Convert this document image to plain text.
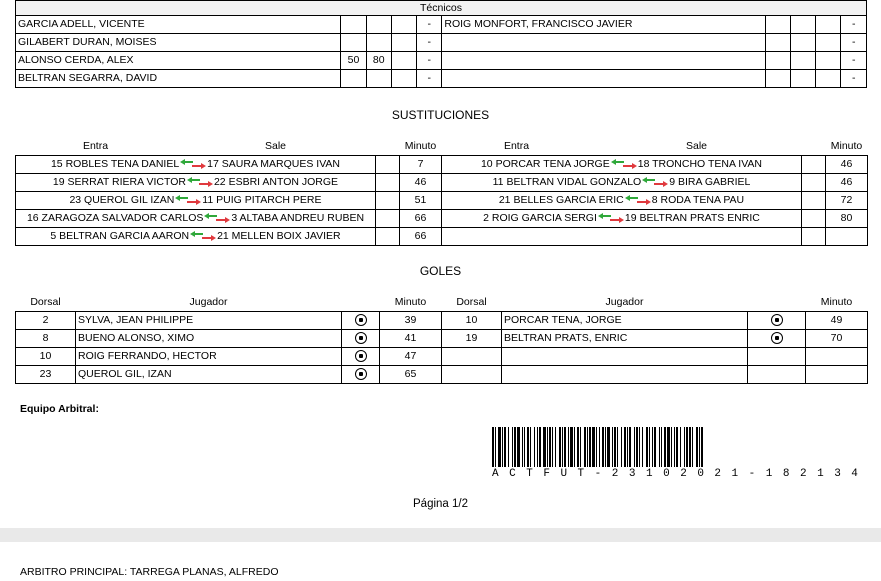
Técnicos									
GARCIA ADELL, VICENTE				-	ROIG MONFORT, FRANCISCO JAVIER				-
GILABERT DURAN, MOISES				-					-
ALONSO CERDA, ALEX	50	80		-					-
BELTRAN SEGARRA, DAVID				-					-
SUSTITUCIONES
Entra Sale		Minuto	Entra Sale		Minuto
15 ROBLES TENA DANIEL 17 SAURA MARQUES IVAN		7	10 PORCAR TENA JORGE 18 TRONCHO TENA IVAN		46
19 SERRAT RIERA VICTOR 22 ESBRI ANTON JORGE		46	11 BELTRAN VIDAL GONZALO 9 BIRA GABRIEL		46
23 QUEROL GIL IZAN 11 PUIG PITARCH PERE		51	21 BELLES GARCIA ERIC 8 RODA TENA PAU		72
16 ZARAGOZA SALVADOR CARLOS 3 ALTABA ANDREU RUBEN		66	2 ROIG GARCIA SERGI 19 BELTRAN PRATS ENRIC		80
5 BELTRAN GARCIA AARON 21 MELLEN BOIX JAVIER		66			
GOLES
Dorsal	Jugador		Minuto	Dorsal	Jugador		Minuto
2	SYLVA, JEAN PHILIPPE		39	10	PORCAR TENA, JORGE		49
8	BUENO ALONSO, XIMO		41	19	BELTRAN PRATS, ENRIC		70
10	ROIG FERRANDO, HECTOR		47				
23	QUEROL GIL, IZAN		65				
Equipo Arbitral:
A C T F U T - 2 3 1 0 2 0 2 1 - 1 8 2 1 3 4
Página 1/2
ARBITRO PRINCIPAL: TARREGA PLANAS, ALFREDO
